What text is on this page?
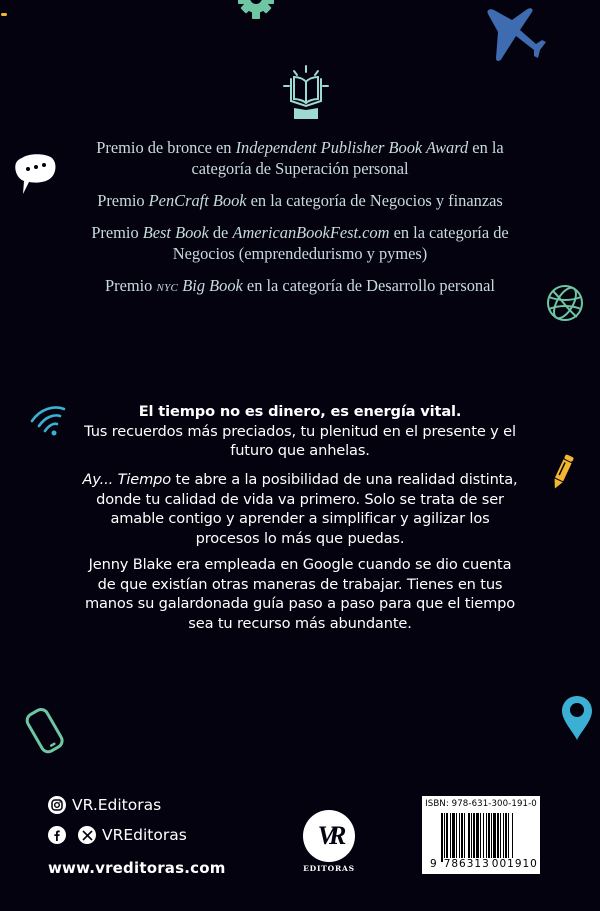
Premio de bronce en Independent Publisher Book Award en la categoría de Superación personal

Premio PenCraft Book en la categoría de Negocios y finanzas

Premio Best Book de AmericanBookFest.com en la categoría de Negocios (emprendedurismo y pymes)

Premio NYC Big Book en la categoría de Desarrollo personal

El tiempo no es dinero, es energía vital.
Tus recuerdos más preciados, tu plenitud en el presente y el futuro que anhelas.
Ay... Tiempo te abre a la posibilidad de una realidad distinta, donde tu calidad de vida va primero. Solo se trata de ser amable contigo y aprender a simplificar y agilizar los procesos lo más que puedas.
Jenny Blake era empleada en Google cuando se dio cuenta de que existían otras maneras de trabajar. Tienes en tus manos su galardonada guía paso a paso para que el tiempo sea tu recurso más abundante.
VR.Editoras
VREditoras
www.vreditoras.com
VR
EDITORAS
ISBN: 978-631-300-191-0
9 786313 001910
